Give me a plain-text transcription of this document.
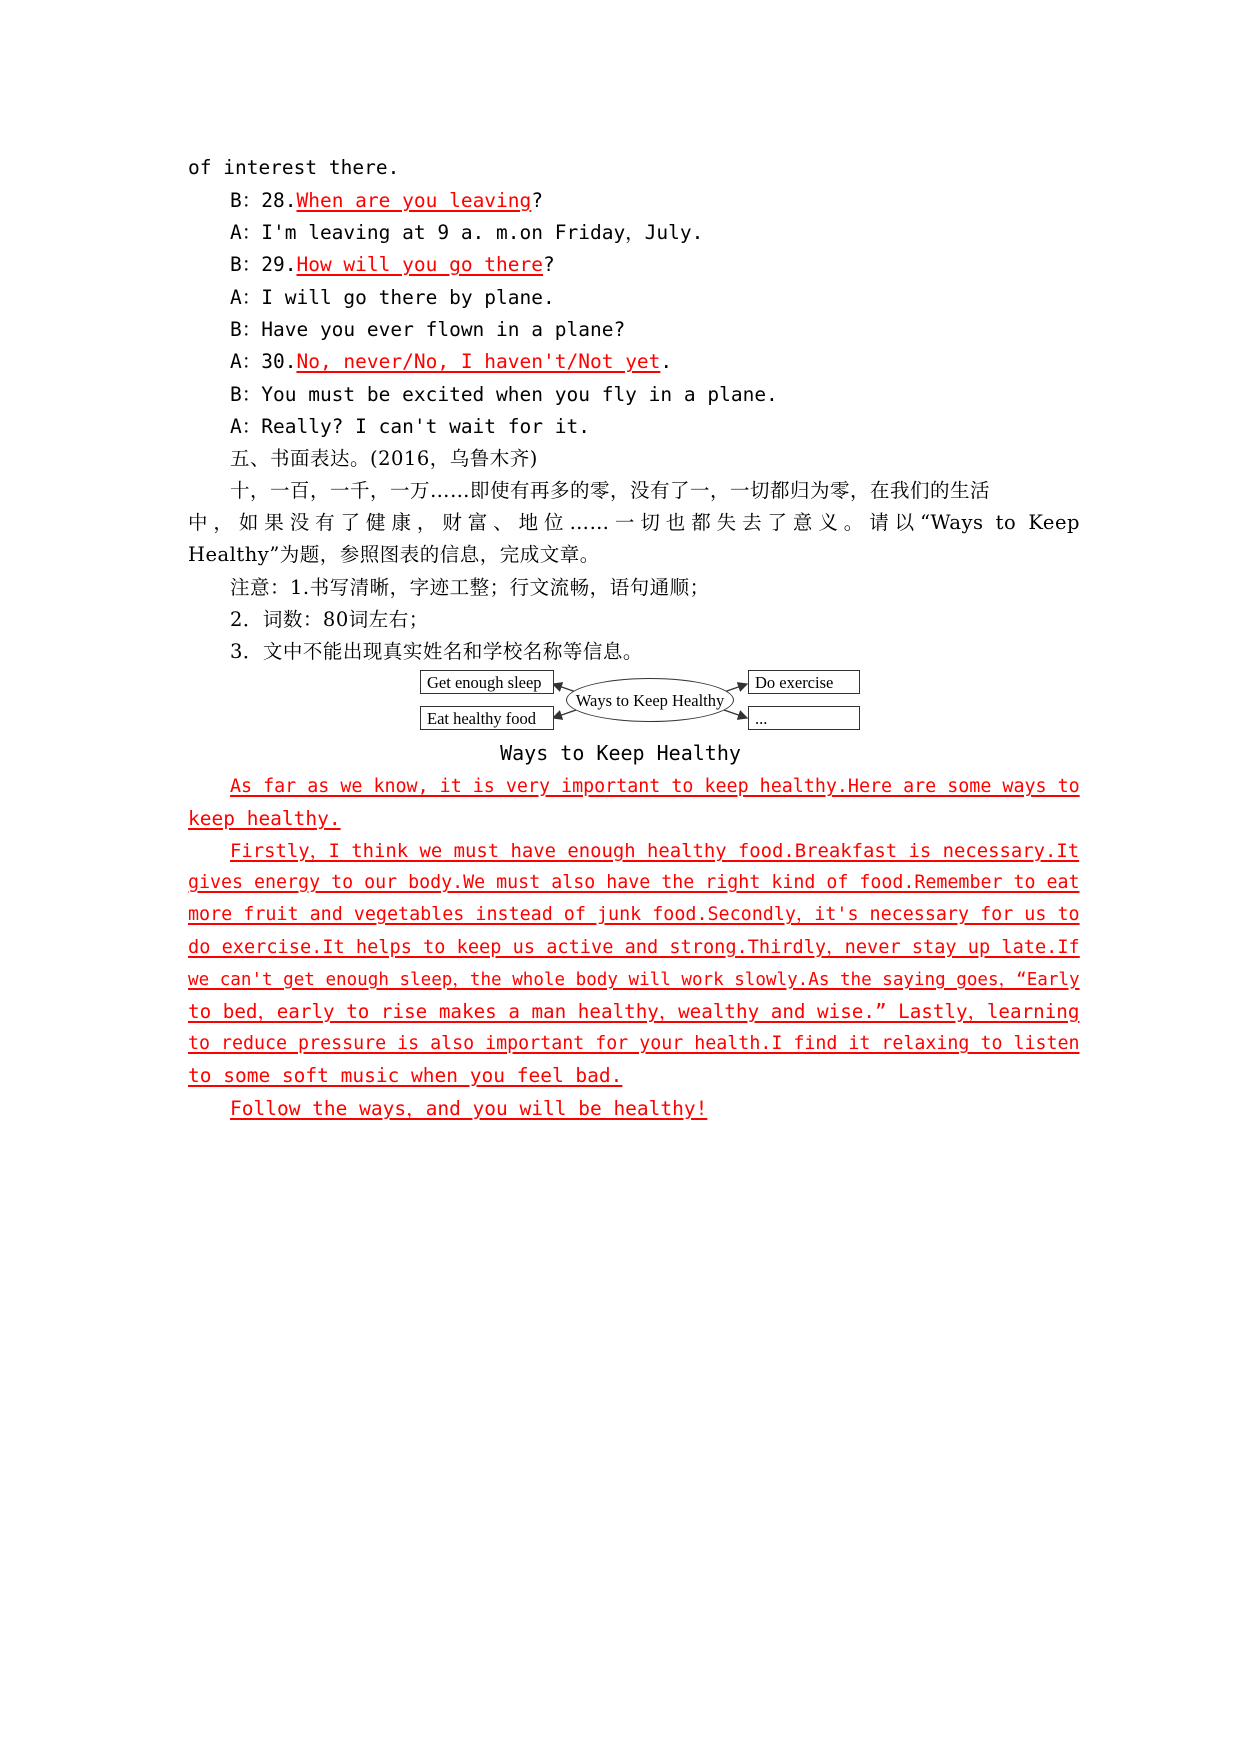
of interest there.
B：28.When are you leaving?
A：I'm leaving at 9 a. m.on Friday，July.
B：29.How will you go there?
A：I will go there by plane.
B：Have you ever flown in a plane?
A：30.No, never/No, I haven't/Not yet.
B：You must be excited when you fly in a plane.
A：Really? I can't wait for it.
五、书面表达。(2016，乌鲁木齐)
十，一百，一千，一万……即使有再多的零，没有了一，一切都归为零，在我们的生活
中，如果没有了健康，财富、地位……一切也都失去了意义。请以“Ways to Keep
Healthy”为题，参照图表的信息，完成文章。
注意：1.书写清晰，字迹工整；行文流畅，语句通顺；
2．词数：80词左右；
3．文中不能出现真实姓名和学校名称等信息。
Get enough sleep
Eat healthy food
Ways to Keep Healthy
Do exercise
...
Ways to Keep Healthy
As far as we know, it is very important to keep healthy.Here are some ways to
keep healthy.
Firstly，I think we must have enough healthy food.Breakfast is necessary.It
gives energy to our body.We must also have the right kind of food.Remember to eat
more fruit and vegetables instead of junk food.Secondly，it's necessary for us to
do exercise.It helps to keep us active and strong.Thirdly，never stay up late.If
we can't get enough sleep，the whole body will work slowly.As the saying goes，“Early
to bed，early to rise makes a man healthy，wealthy and wise.” Lastly，learning
to reduce pressure is also important for your health.I find it relaxing to listen
to some soft music when you feel bad.
Follow the ways，and you will be healthy!
